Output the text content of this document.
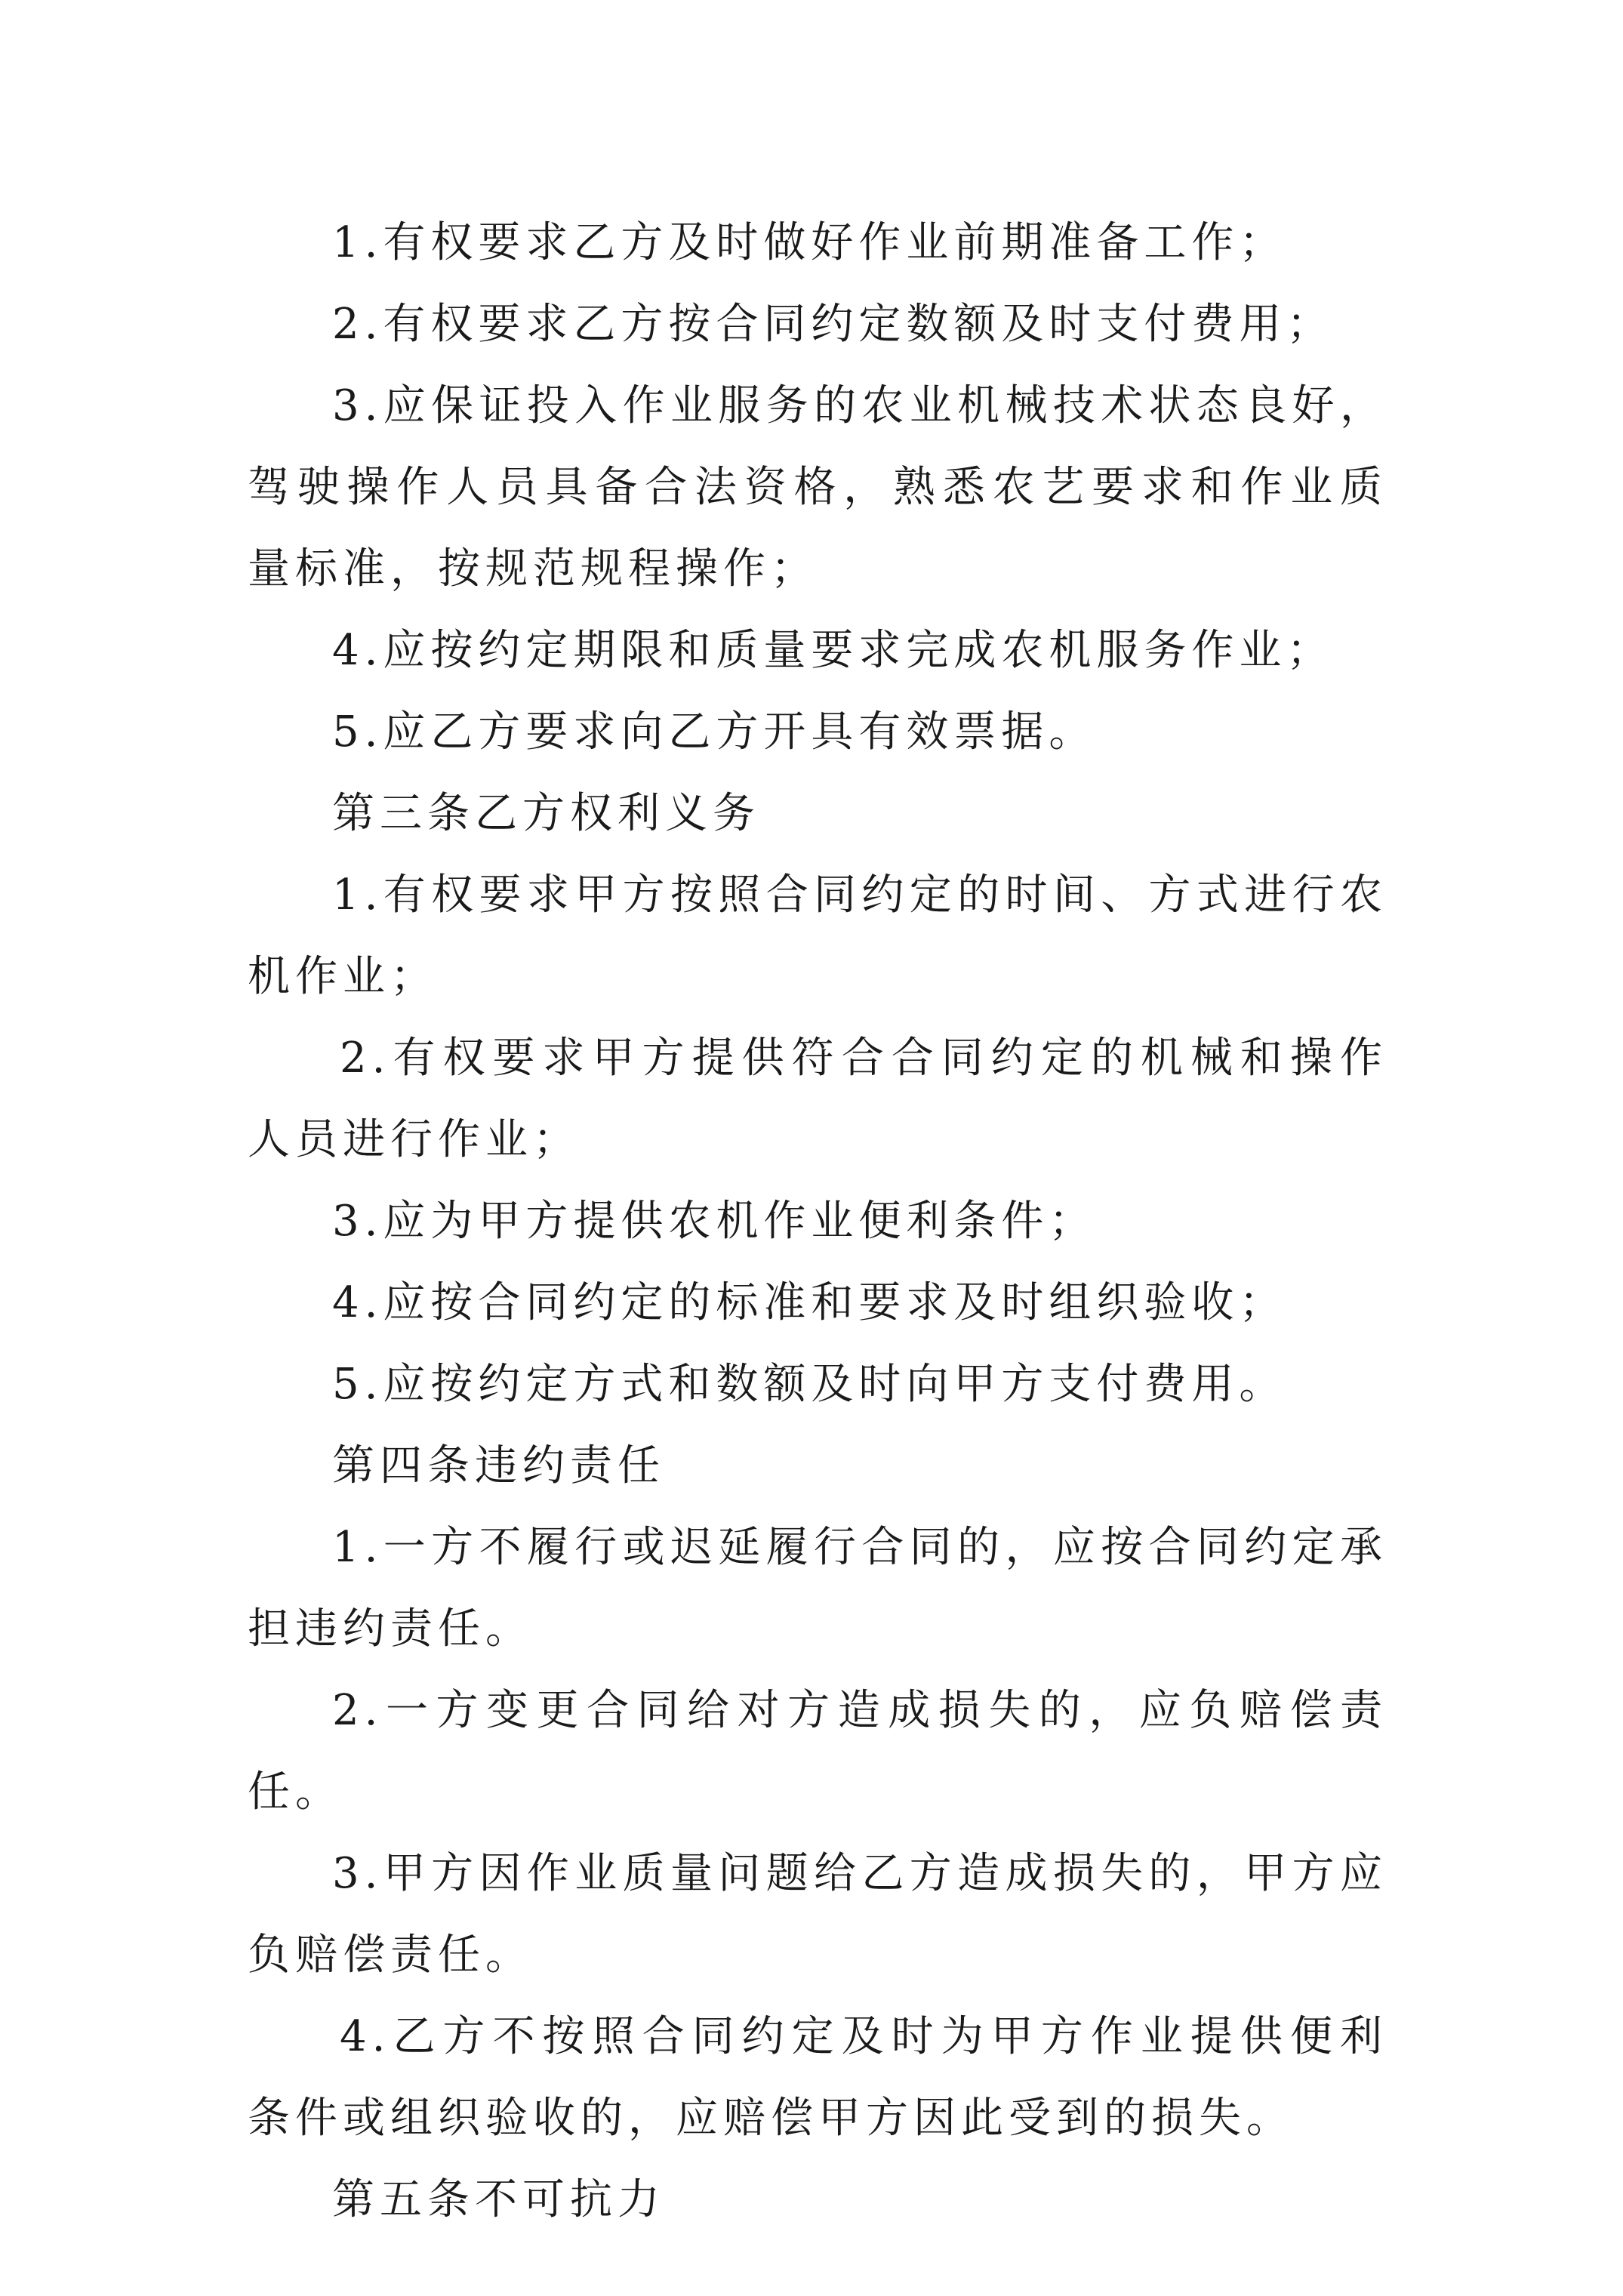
1.有权要求乙方及时做好作业前期准备工作；

2.有权要求乙方按合同约定数额及时支付费用；

3.应保证投入作业服务的农业机械技术状态良好，驾驶操作人员具备合法资格，熟悉农艺要求和作业质量标准，按规范规程操作；

4.应按约定期限和质量要求完成农机服务作业；

5.应乙方要求向乙方开具有效票据。

第三条乙方权利义务

1.有权要求甲方按照合同约定的时间、方式进行农机作业；

2.有权要求甲方提供符合合同约定的机械和操作人员进行作业；

3.应为甲方提供农机作业便利条件；

4.应按合同约定的标准和要求及时组织验收；

5.应按约定方式和数额及时向甲方支付费用。

第四条违约责任

1.一方不履行或迟延履行合同的，应按合同约定承担违约责任。

2.一方变更合同给对方造成损失的，应负赔偿责任。

3.甲方因作业质量问题给乙方造成损失的，甲方应负赔偿责任。

4.乙方不按照合同约定及时为甲方作业提供便利条件或组织验收的，应赔偿甲方因此受到的损失。

第五条不可抗力
